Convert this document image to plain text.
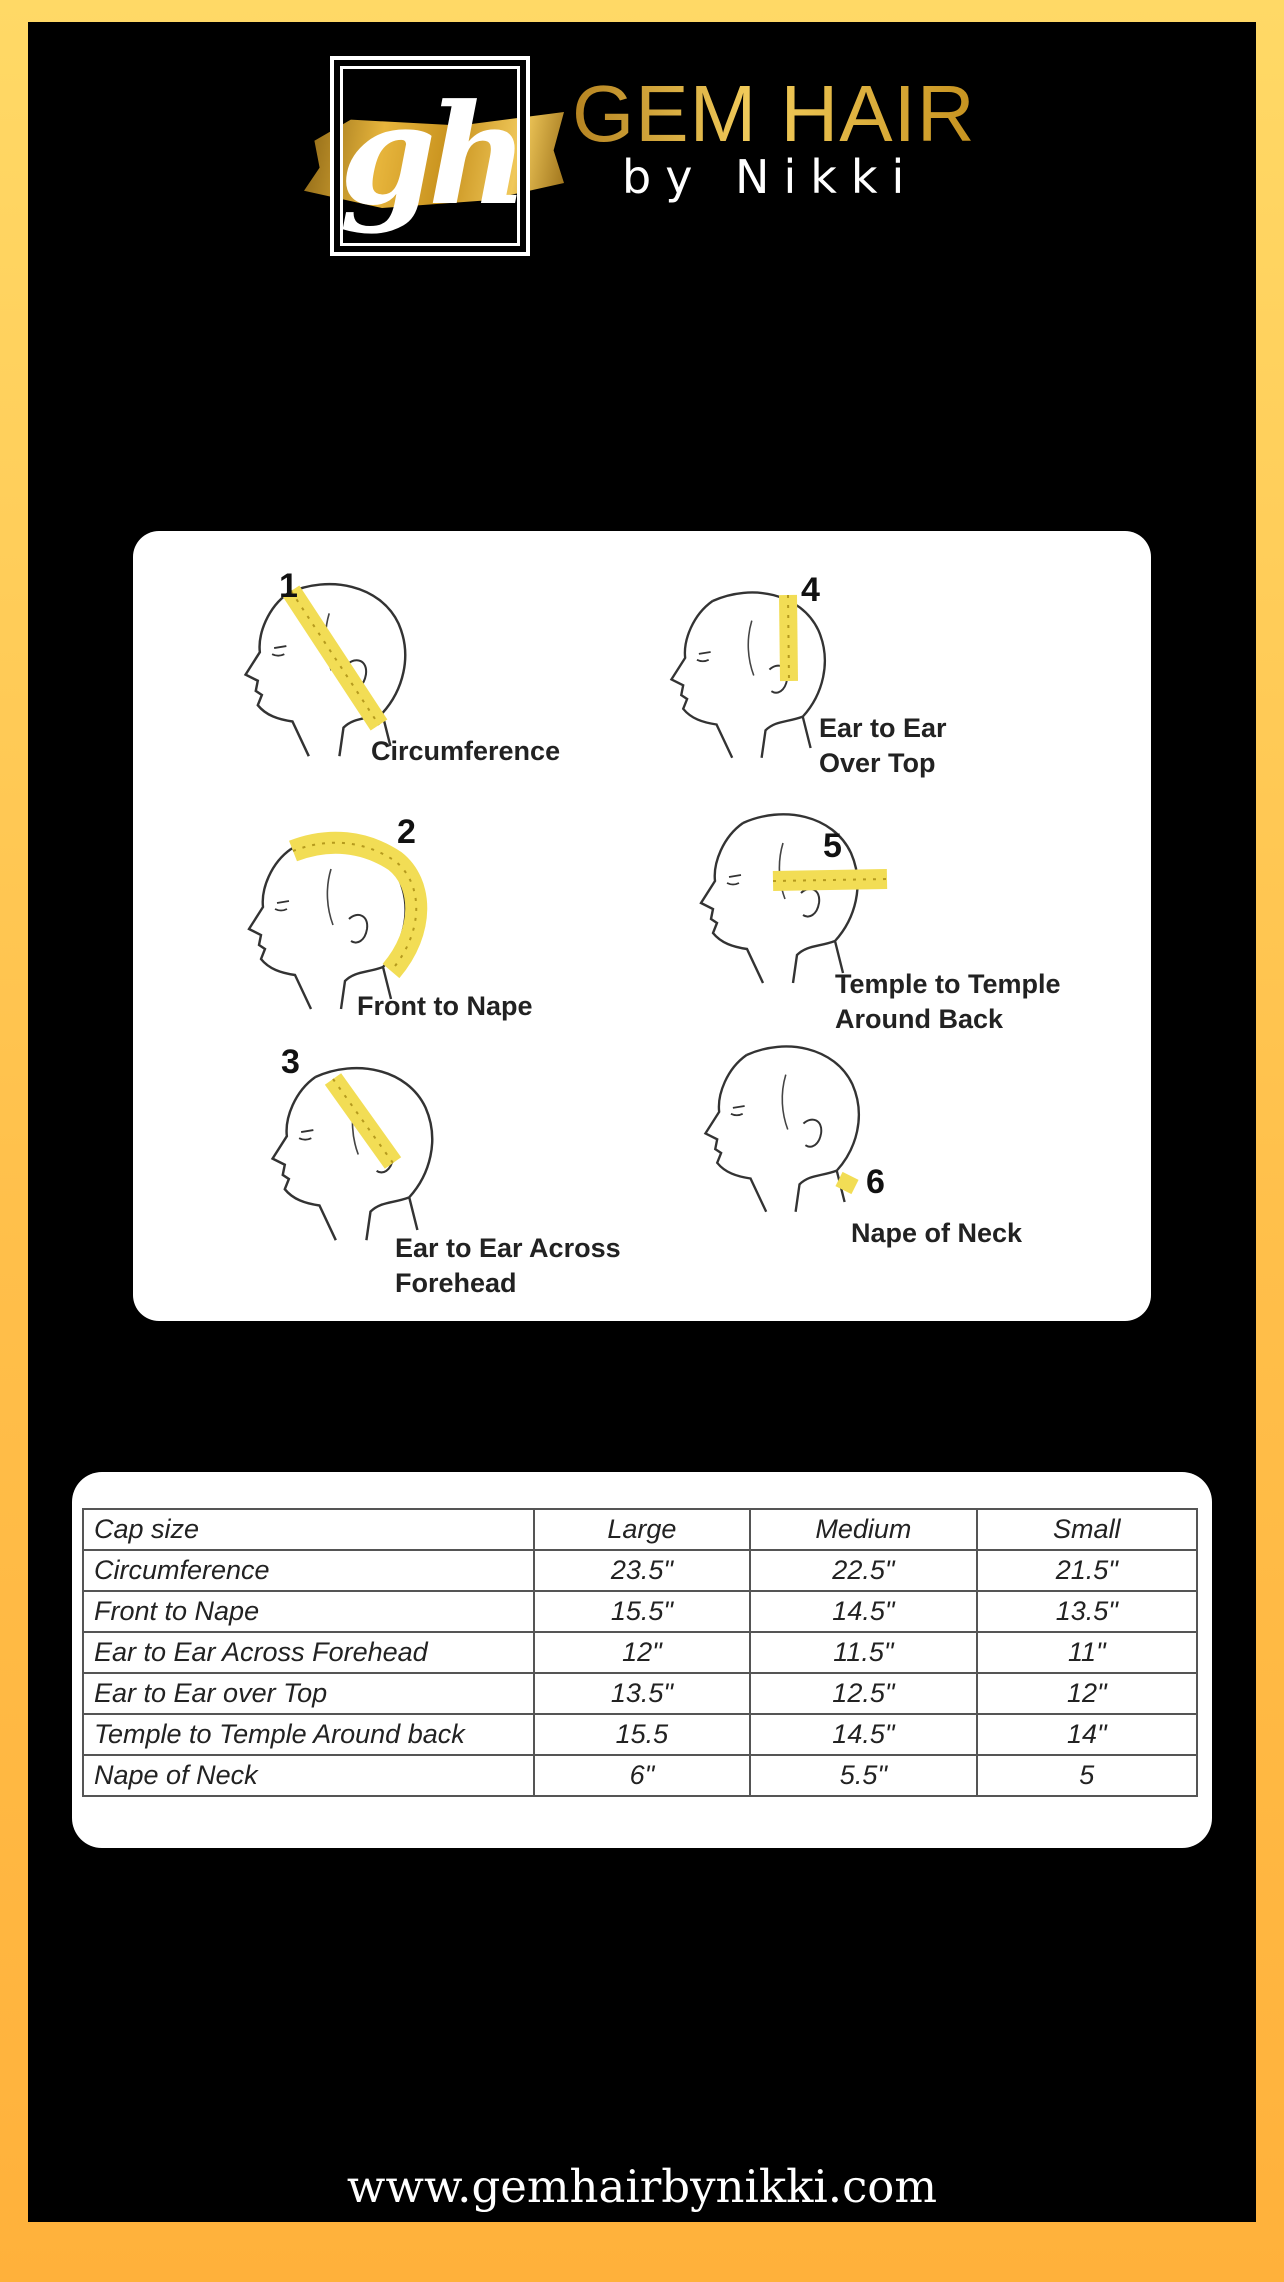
gh GEM HAIR
by Nikki
1
Circumference
4
Ear to Ear
Over Top
2
Front to Nape
5
Temple to Temple
Around Back
3
Ear to Ear Across
Forehead
6
Nape of Neck
Cap size	Large	Medium	Small
Circumference	23.5"	22.5"	21.5"
Front to Nape	15.5"	14.5"	13.5"
Ear to Ear Across Forehead	12"	11.5"	11"
Ear to Ear over Top	13.5"	12.5"	12"
Temple to Temple Around back	15.5	14.5"	14"
Nape of Neck	6"	5.5"	5
www.gemhairbynikki.com
